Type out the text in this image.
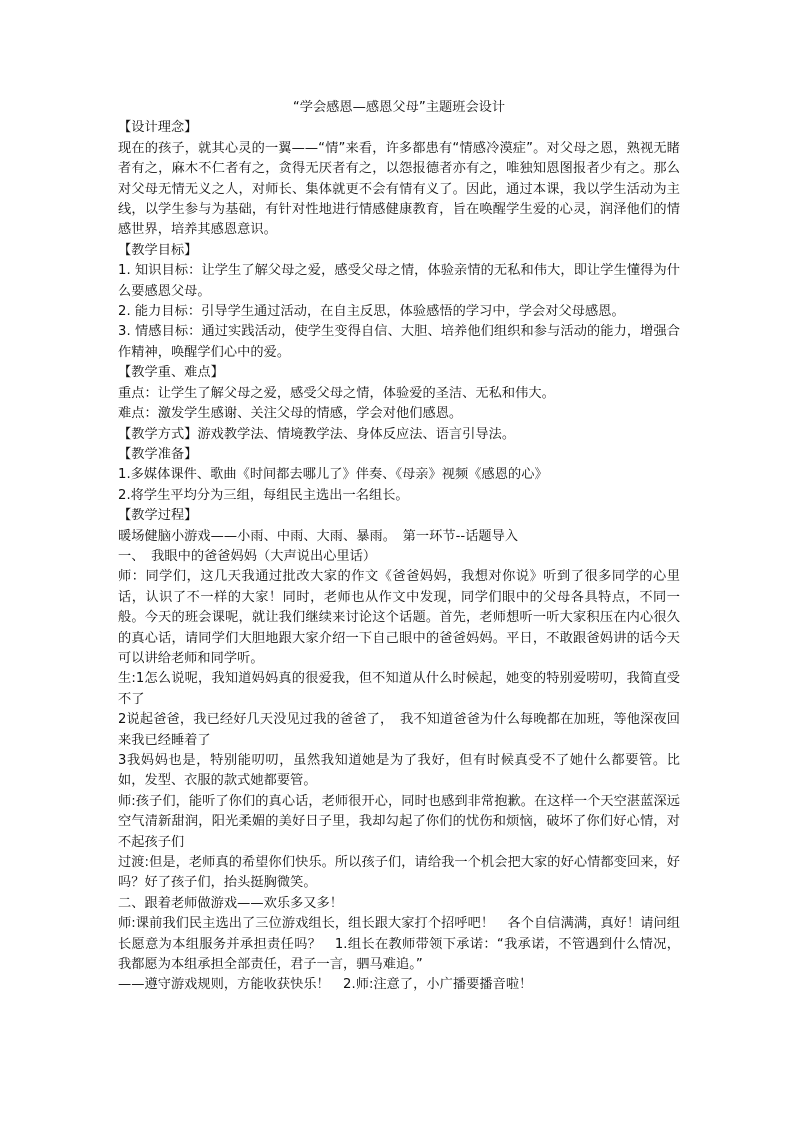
“学会感恩—感恩父母”主题班会设计

【设计理念】

现在的孩子，就其心灵的一翼——“情”来看，许多都患有“情感冷漠症”。对父母之恩，熟视无睹者有之，麻木不仁者有之，贪得无厌者有之，以怨报德者亦有之，唯独知恩图报者少有之。那么对父母无情无义之人，对师长、集体就更不会有情有义了。因此，通过本课，我以学生活动为主线，以学生参与为基础，有针对性地进行情感健康教育，旨在唤醒学生爱的心灵，润泽他们的情感世界，培养其感恩意识。

【教学目标】

1. 知识目标：让学生了解父母之爱，感受父母之情，体验亲情的无私和伟大，即让学生懂得为什么要感恩父母。

2. 能力目标：引导学生通过活动，在自主反思，体验感悟的学习中，学会对父母感恩。

3. 情感目标：通过实践活动，使学生变得自信、大胆、培养他们组织和参与活动的能力，增强合作精神，唤醒学们心中的爱。

【教学重、难点】

重点：让学生了解父母之爱，感受父母之情，体验爱的圣洁、无私和伟大。

难点：激发学生感谢、关注父母的情感，学会对他们感恩。

【教学方式】游戏教学法、情境教学法、身体反应法、语言引导法。

【教学准备】

1.多媒体课件、歌曲《时间都去哪儿了》伴奏、《母亲》视频《感恩的心》

2.将学生平均分为三组，每组民主选出一名组长。

【教学过程】

暖场健脑小游戏——小雨、中雨、大雨、暴雨。　第一环节--话题导入

一、　我眼中的爸爸妈妈（大声说出心里话）

师：同学们，这几天我通过批改大家的作文《爸爸妈妈，我想对你说》听到了很多同学的心里话，认识了不一样的大家！同时，老师也从作文中发现，同学们眼中的父母各具特点，不同一般。今天的班会课呢，就让我们继续来讨论这个话题。首先，老师想听一听大家积压在内心很久的真心话，请同学们大胆地跟大家介绍一下自己眼中的爸爸妈妈。平日，不敢跟爸妈讲的话今天可以讲给老师和同学听。

生:1怎么说呢，我知道妈妈真的很爱我，但不知道从什么时候起，她变的特别爱唠叨，我简直受不了

2说起爸爸，我已经好几天没见过我的爸爸了，　我不知道爸爸为什么每晚都在加班，等他深夜回来我已经睡着了

3我妈妈也是，特别能叨叨，虽然我知道她是为了我好，但有时候真受不了她什么都要管。比如，发型、衣服的款式她都要管。

师:孩子们，能听了你们的真心话，老师很开心，同时也感到非常抱歉。在这样一个天空湛蓝深远空气清新甜润，阳光柔媚的美好日子里，我却勾起了你们的忧伤和烦恼，破坏了你们好心情，对不起孩子们

过渡:但是，老师真的希望你们快乐。所以孩子们，请给我一个机会把大家的好心情都变回来，好吗？好了孩子们，抬头挺胸微笑。

二、跟着老师做游戏——欢乐多又多！

师:课前我们民主选出了三位游戏组长，组长跟大家打个招呼吧！　各个自信满满，真好！请问组长愿意为本组服务并承担责任吗？　1.组长在教师带领下承诺：“我承诺，不管遇到什么情况，我都愿为本组承担全部责任，君子一言，驷马难追。”

——遵守游戏规则，方能收获快乐！　2.师:注意了，小广播要播音啦！
